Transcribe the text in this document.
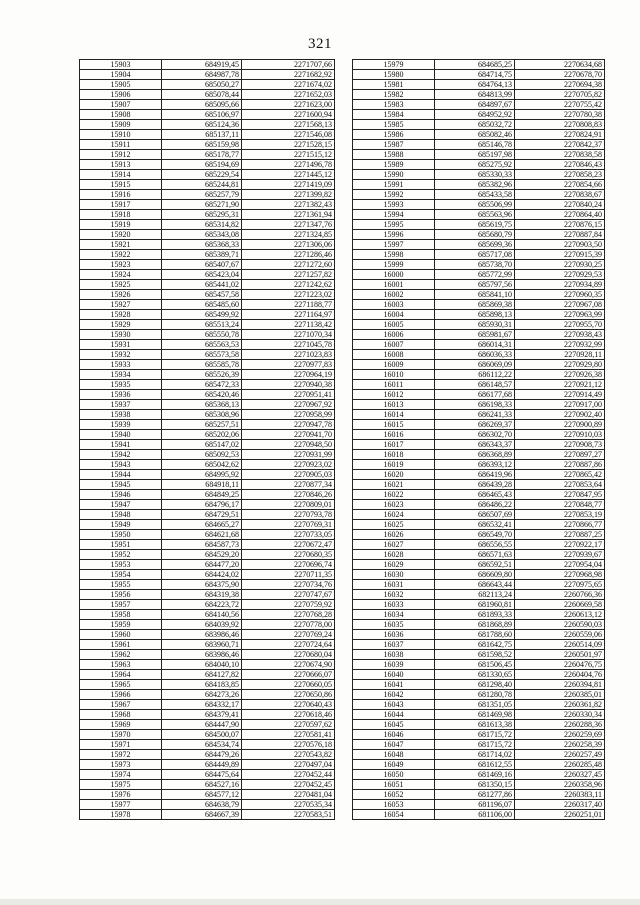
321
15903	684919,45	2271707,66
15904	684987,78	2271682,92
15905	685050,27	2271674,02
15906	685078,44	2271652,03
15907	685095,66	2271623,00
15908	685106,97	2271600,94
15909	685124,36	2271568,13
15910	685137,11	2271546,08
15911	685159,98	2271528,15
15912	685178,77	2271515,12
15913	685194,69	2271496,78
15914	685229,54	2271445,12
15915	685244,81	2271419,09
15916	685257,79	2271399,82
15917	685271,90	2271382,43
15918	685295,31	2271361,94
15919	685314,82	2271347,76
15920	685343,08	2271324,85
15921	685368,33	2271306,06
15922	685389,71	2271286,46
15923	685407,67	2271272,60
15924	685423,04	2271257,82
15925	685441,02	2271242,62
15926	685457,58	2271223,02
15927	685485,60	2271188,77
15928	685499,92	2271164,97
15929	685513,24	2271138,42
15930	685550,78	2271070,34
15931	685563,53	2271045,78
15932	685573,58	2271023,83
15933	685585,78	2270977,83
15934	685526,39	2270964,19
15935	685472,33	2270940,38
15936	685420,46	2270951,41
15937	685368,13	2270967,92
15938	685308,96	2270958,99
15939	685257,51	2270947,78
15940	685202,06	2270941,70
15941	685147,02	2270948,50
15942	685092,53	2270931,99
15943	685042,62	2270923,02
15944	684995,92	2270905,03
15945	684918,11	2270877,34
15946	684849,25	2270846,26
15947	684796,17	2270809,01
15948	684729,51	2270793,78
15949	684665,27	2270769,31
15950	684621,68	2270733,05
15951	684587,73	2270672,47
15952	684529,20	2270680,35
15953	684477,20	2270696,74
15954	684424,02	2270711,35
15955	684375,90	2270734,76
15956	684319,38	2270747,67
15957	684223,72	2270759,92
15958	684140,56	2270768,28
15959	684039,92	2270778,00
15960	683986,46	2270769,24
15961	683960,71	2270724,64
15962	683986,46	2270680,04
15963	684040,10	2270674,90
15964	684127,82	2270666,07
15965	684183,85	2270660,05
15966	684273,26	2270650,86
15967	684332,17	2270640,43
15968	684379,41	2270618,46
15969	684447,90	2270597,62
15970	684500,07	2270581,41
15971	684534,74	2270576,18
15972	684479,26	2270543,82
15973	684449,89	2270497,04
15974	684475,64	2270452,44
15975	684527,16	2270452,45
15976	684577,12	2270481,04
15977	684638,79	2270535,34
15978	684667,39	2270583,51
15979	684685,25	2270634,68
15980	684714,75	2270678,70
15981	684764,13	2270694,38
15982	684813,99	2270705,82
15983	684897,67	2270755,42
15984	684952,92	2270780,38
15985	685032,72	2270808,83
15986	685082,46	2270824,91
15987	685146,78	2270842,37
15988	685197,98	2270838,58
15989	685275,92	2270846,43
15990	685330,33	2270858,23
15991	685382,96	2270854,66
15992	685433,58	2270838,67
15993	685506,99	2270840,24
15994	685563,96	2270864,40
15995	685619,75	2270876,15
15996	685680,79	2270887,84
15997	685699,36	2270903,50
15998	685717,08	2270915,39
15999	685738,70	2270930,25
16000	685772,99	2270929,53
16001	685797,56	2270934,89
16002	685841,10	2270960,35
16003	685869,38	2270967,08
16004	685898,13	2270963,99
16005	685930,31	2270955,70
16006	685981,67	2270938,43
16007	686014,31	2270932,99
16008	686036,33	2270928,11
16009	686069,09	2270929,80
16010	686112,22	2270926,38
16011	686148,57	2270921,12
16012	686177,68	2270914,49
16013	686198,33	2270917,00
16014	686241,33	2270902,40
16015	686269,37	2270900,89
16016	686302,70	2270910,03
16017	686343,37	2270908,73
16018	686368,89	2270897,27
16019	686393,12	2270887,86
16020	686419,96	2270865,42
16021	686439,28	2270853,64
16022	686465,43	2270847,95
16023	686486,22	2270848,77
16024	686507,69	2270853,19
16025	686532,41	2270866,77
16026	686549,70	2270887,25
16027	686556,55	2270922,17
16028	686571,63	2270939,67
16029	686592,51	2270954,04
16030	686609,80	2270968,98
16031	686643,44	2270975,65
16032	682113,24	2260766,36
16033	681960,81	2260669,58
16034	681893,33	2260613,12
16035	681868,89	2260590,03
16036	681788,60	2260559,06
16037	681642,75	2260514,09
16038	681598,52	2260501,97
16039	681506,45	2260476,75
16040	681330,65	2260404,76
16041	681298,40	2260394,81
16042	681280,78	2260385,01
16043	681351,05	2260361,82
16044	681469,98	2260330,34
16045	681613,38	2260288,36
16046	681715,72	2260259,69
16047	681715,72	2260258,39
16048	681714,02	2260257,49
16049	681612,55	2260285,48
16050	681469,16	2260327,45
16051	681350,15	2260358,96
16052	681277,86	2260383,11
16053	681196,07	2260317,40
16054	681106,00	2260251,01
